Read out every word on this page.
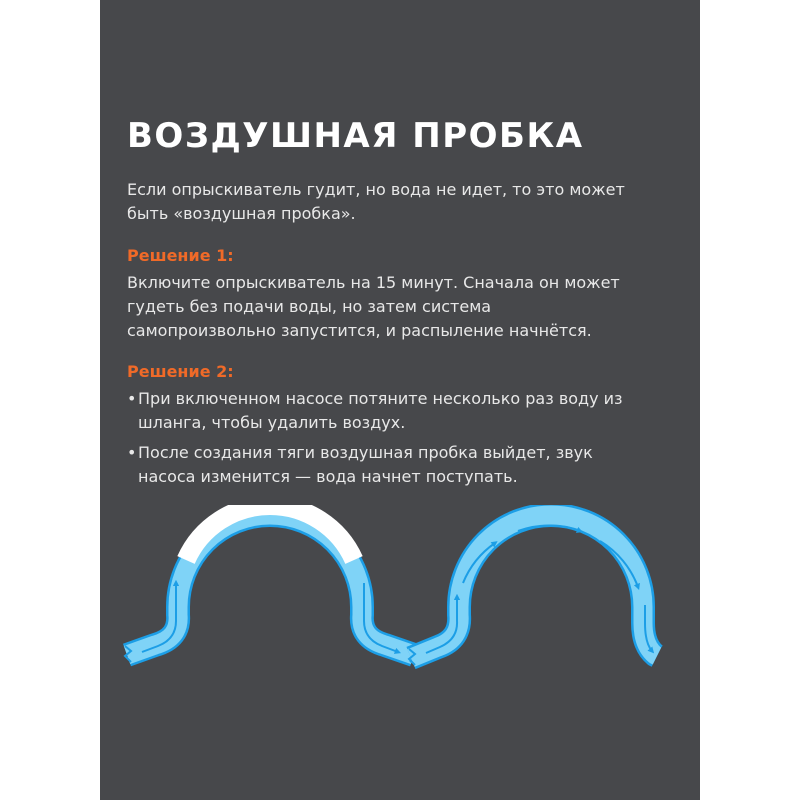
ВОЗДУШНАЯ ПРОБКА
Если опрыскиватель гудит, но вода не идет, то это может быть «воздушная пробка».
Решение 1:
Включите опрыскиватель на 15 минут. Сначала он может гудеть без подачи воды, но затем система самопроизвольно запустится, и распыление начнётся.
Решение 2:
• При включенном насосе потяните несколько раз воду из шланга, чтобы удалить воздух.
• После создания тяги воздушная пробка выйдет, звук насоса изменится — вода начнет поступать.
